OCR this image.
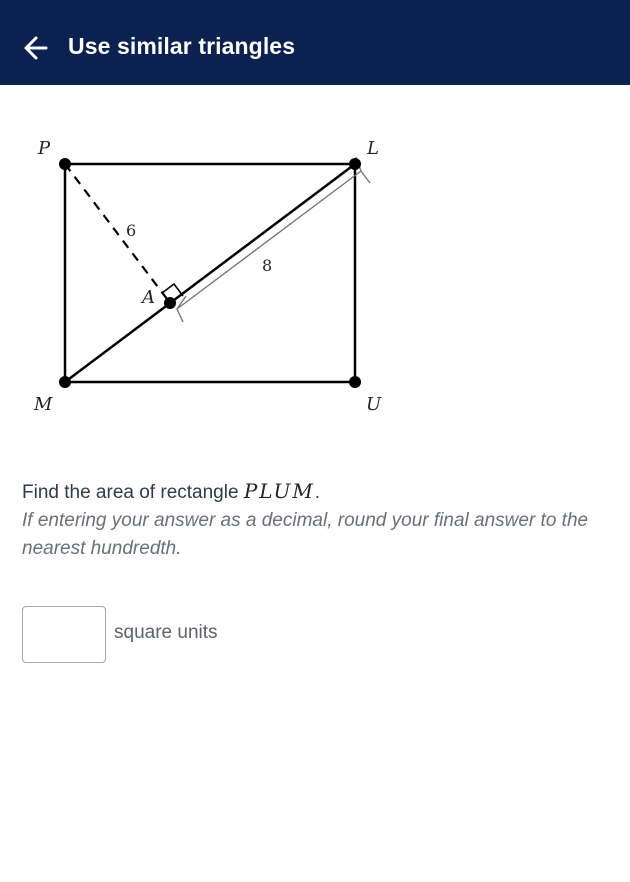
Use similar triangles
P	L
U
M
A
6
8
Find the area of rectangle PLUM.
If entering your answer as a decimal, round your final answer to the nearest hundredth.
square units
